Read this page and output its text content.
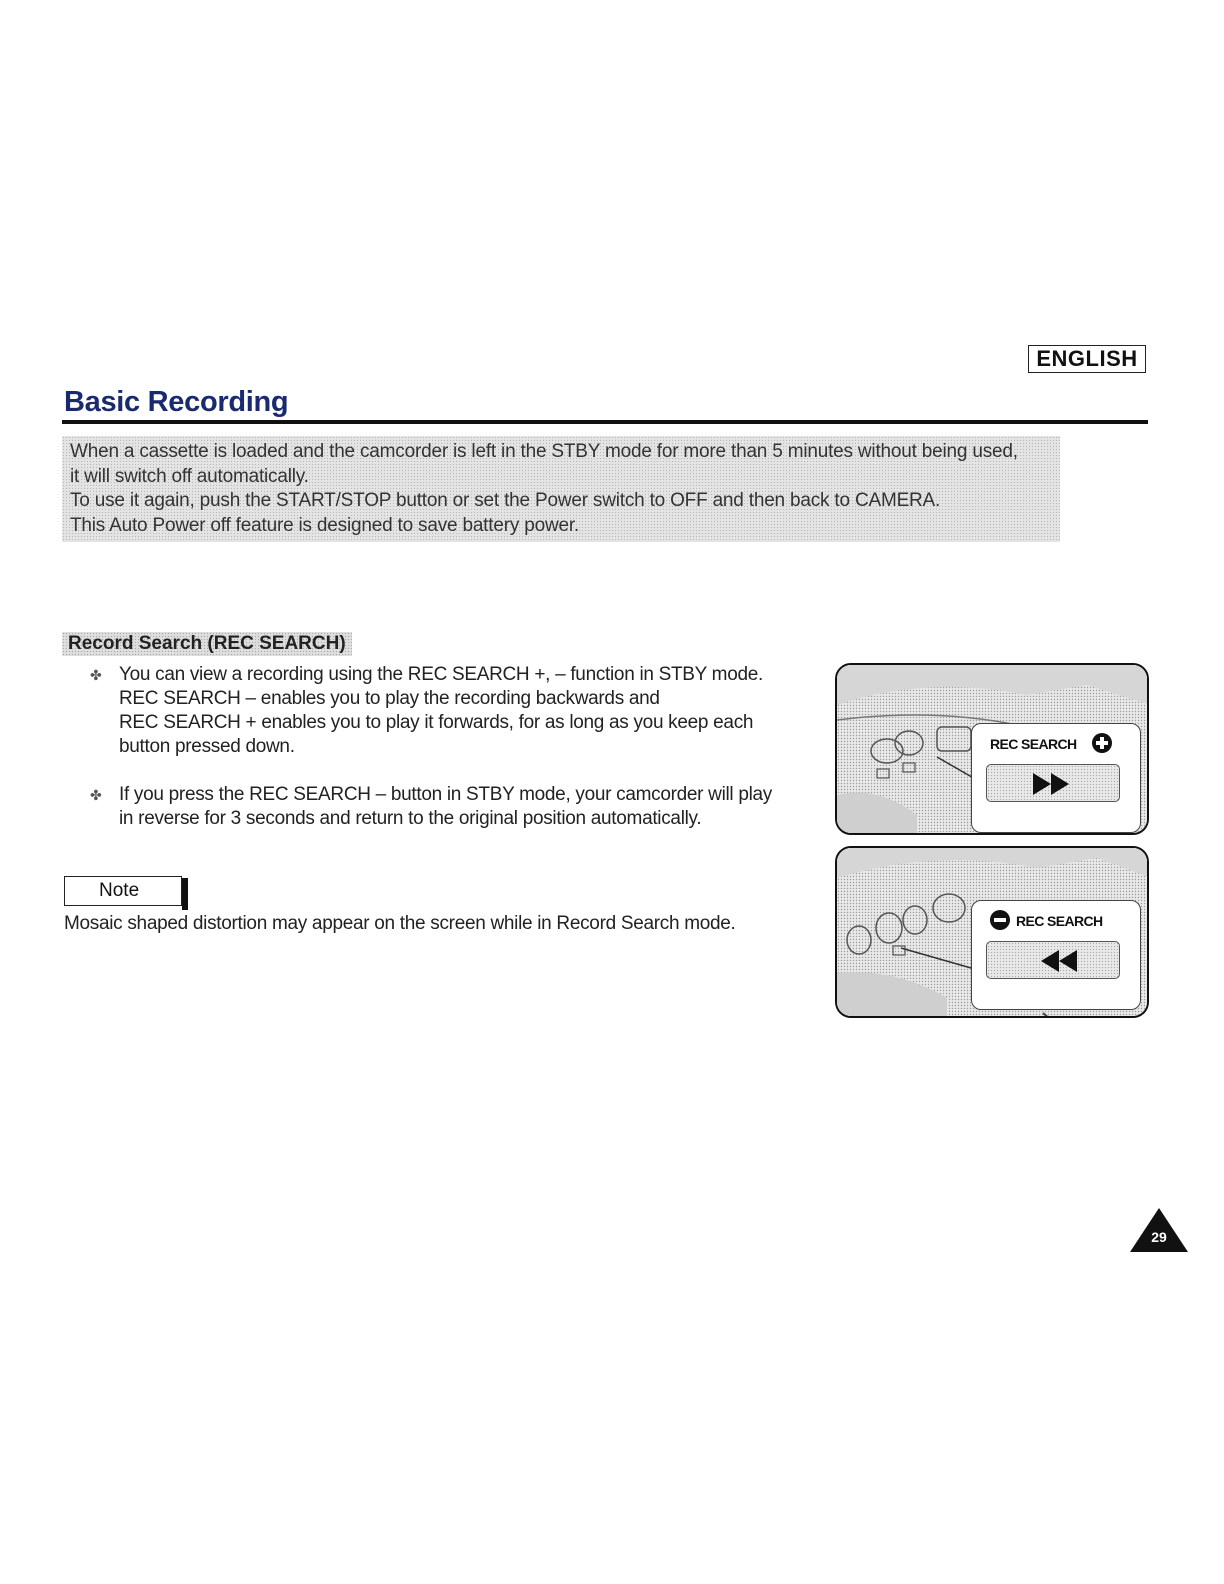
ENGLISH
Basic Recording

When a cassette is loaded and the camcorder is left in the STBY mode for more than 5 minutes without being used,

it will switch off automatically.

To use it again, push the START/STOP button or set the Power switch to OFF and then back to CAMERA.

This Auto Power off feature is designed to save battery power.

Record Search (REC SEARCH)
✤ You can view a recording using the REC SEARCH +, – function in STBY mode.
REC SEARCH – enables you to play the recording backwards and
REC SEARCH + enables you to play it forwards, for as long as you keep each
button pressed down.
✤ If you press the REC SEARCH – button in STBY mode, your camcorder will play
in reverse for 3 seconds and return to the original position automatically.
Note
Mosaic shaped distortion may appear on the screen while in Record Search mode.
REC SEARCH
REC SEARCH
29
